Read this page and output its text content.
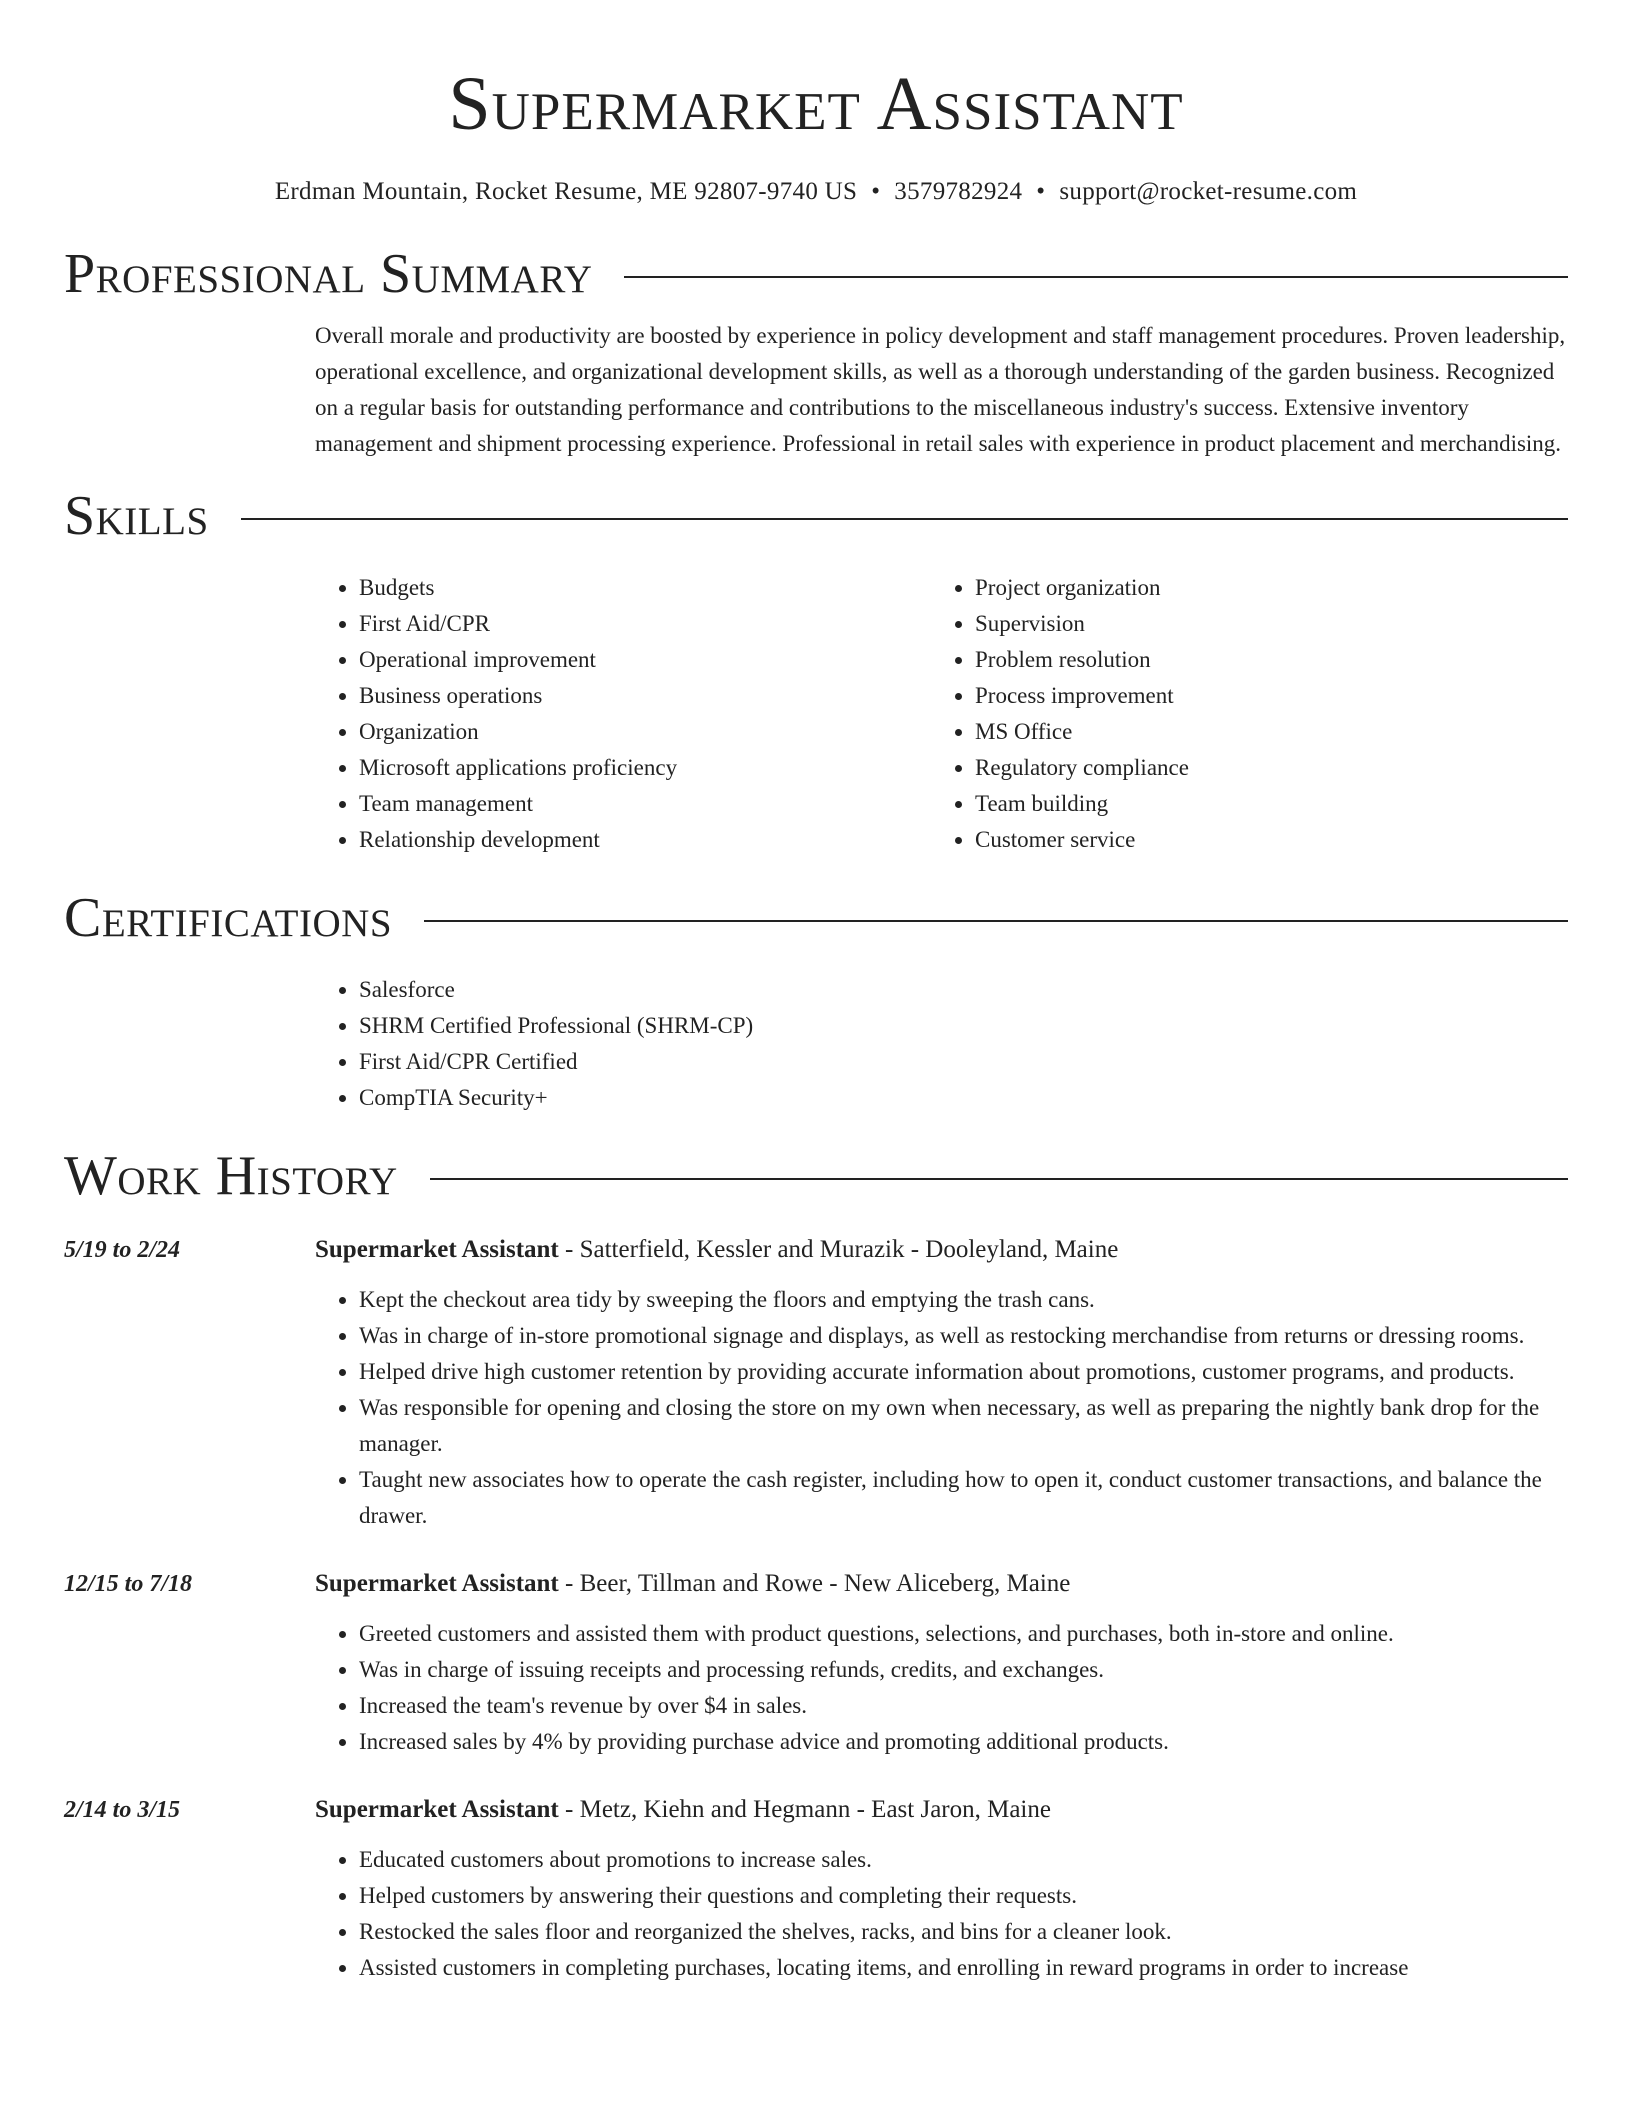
Supermarket Assistant
Erdman Mountain, Rocket Resume, ME 92807-9740 US • 3579782924 • support@rocket-resume.com
Professional Summary
Overall morale and productivity are boosted by experience in policy development and staff management procedures. Proven leadership, operational excellence, and organizational development skills, as well as a thorough understanding of the garden business. Recognized on a regular basis for outstanding performance and contributions to the miscellaneous industry's success. Extensive inventory management and shipment processing experience. Professional in retail sales with experience in product placement and merchandising.
Skills
• Budgets
• First Aid/CPR
• Operational improvement
• Business operations
• Organization
• Microsoft applications proficiency
• Team management
• Relationship development
• Project organization
• Supervision
• Problem resolution
• Process improvement
• MS Office
• Regulatory compliance
• Team building
• Customer service
Certifications
• Salesforce
• SHRM Certified Professional (SHRM-CP)
• First Aid/CPR Certified
• CompTIA Security+
Work History
5/19 to 2/24	Supermarket Assistant - Satterfield, Kessler and Murazik - Dooleyland, Maine
• Kept the checkout area tidy by sweeping the floors and emptying the trash cans.
• Was in charge of in-store promotional signage and displays, as well as restocking merchandise from returns or dressing rooms.
• Helped drive high customer retention by providing accurate information about promotions, customer programs, and products.
• Was responsible for opening and closing the store on my own when necessary, as well as preparing the nightly bank drop for the manager.
• Taught new associates how to operate the cash register, including how to open it, conduct customer transactions, and balance the drawer.
12/15 to 7/18	Supermarket Assistant - Beer, Tillman and Rowe - New Aliceberg, Maine
• Greeted customers and assisted them with product questions, selections, and purchases, both in-store and online.
• Was in charge of issuing receipts and processing refunds, credits, and exchanges.
• Increased the team's revenue by over $4 in sales.
• Increased sales by 4% by providing purchase advice and promoting additional products.
2/14 to 3/15	Supermarket Assistant - Metz, Kiehn and Hegmann - East Jaron, Maine
• Educated customers about promotions to increase sales.
• Helped customers by answering their questions and completing their requests.
• Restocked the sales floor and reorganized the shelves, racks, and bins for a cleaner look.
• Assisted customers in completing purchases, locating items, and enrolling in reward programs in order to increase
